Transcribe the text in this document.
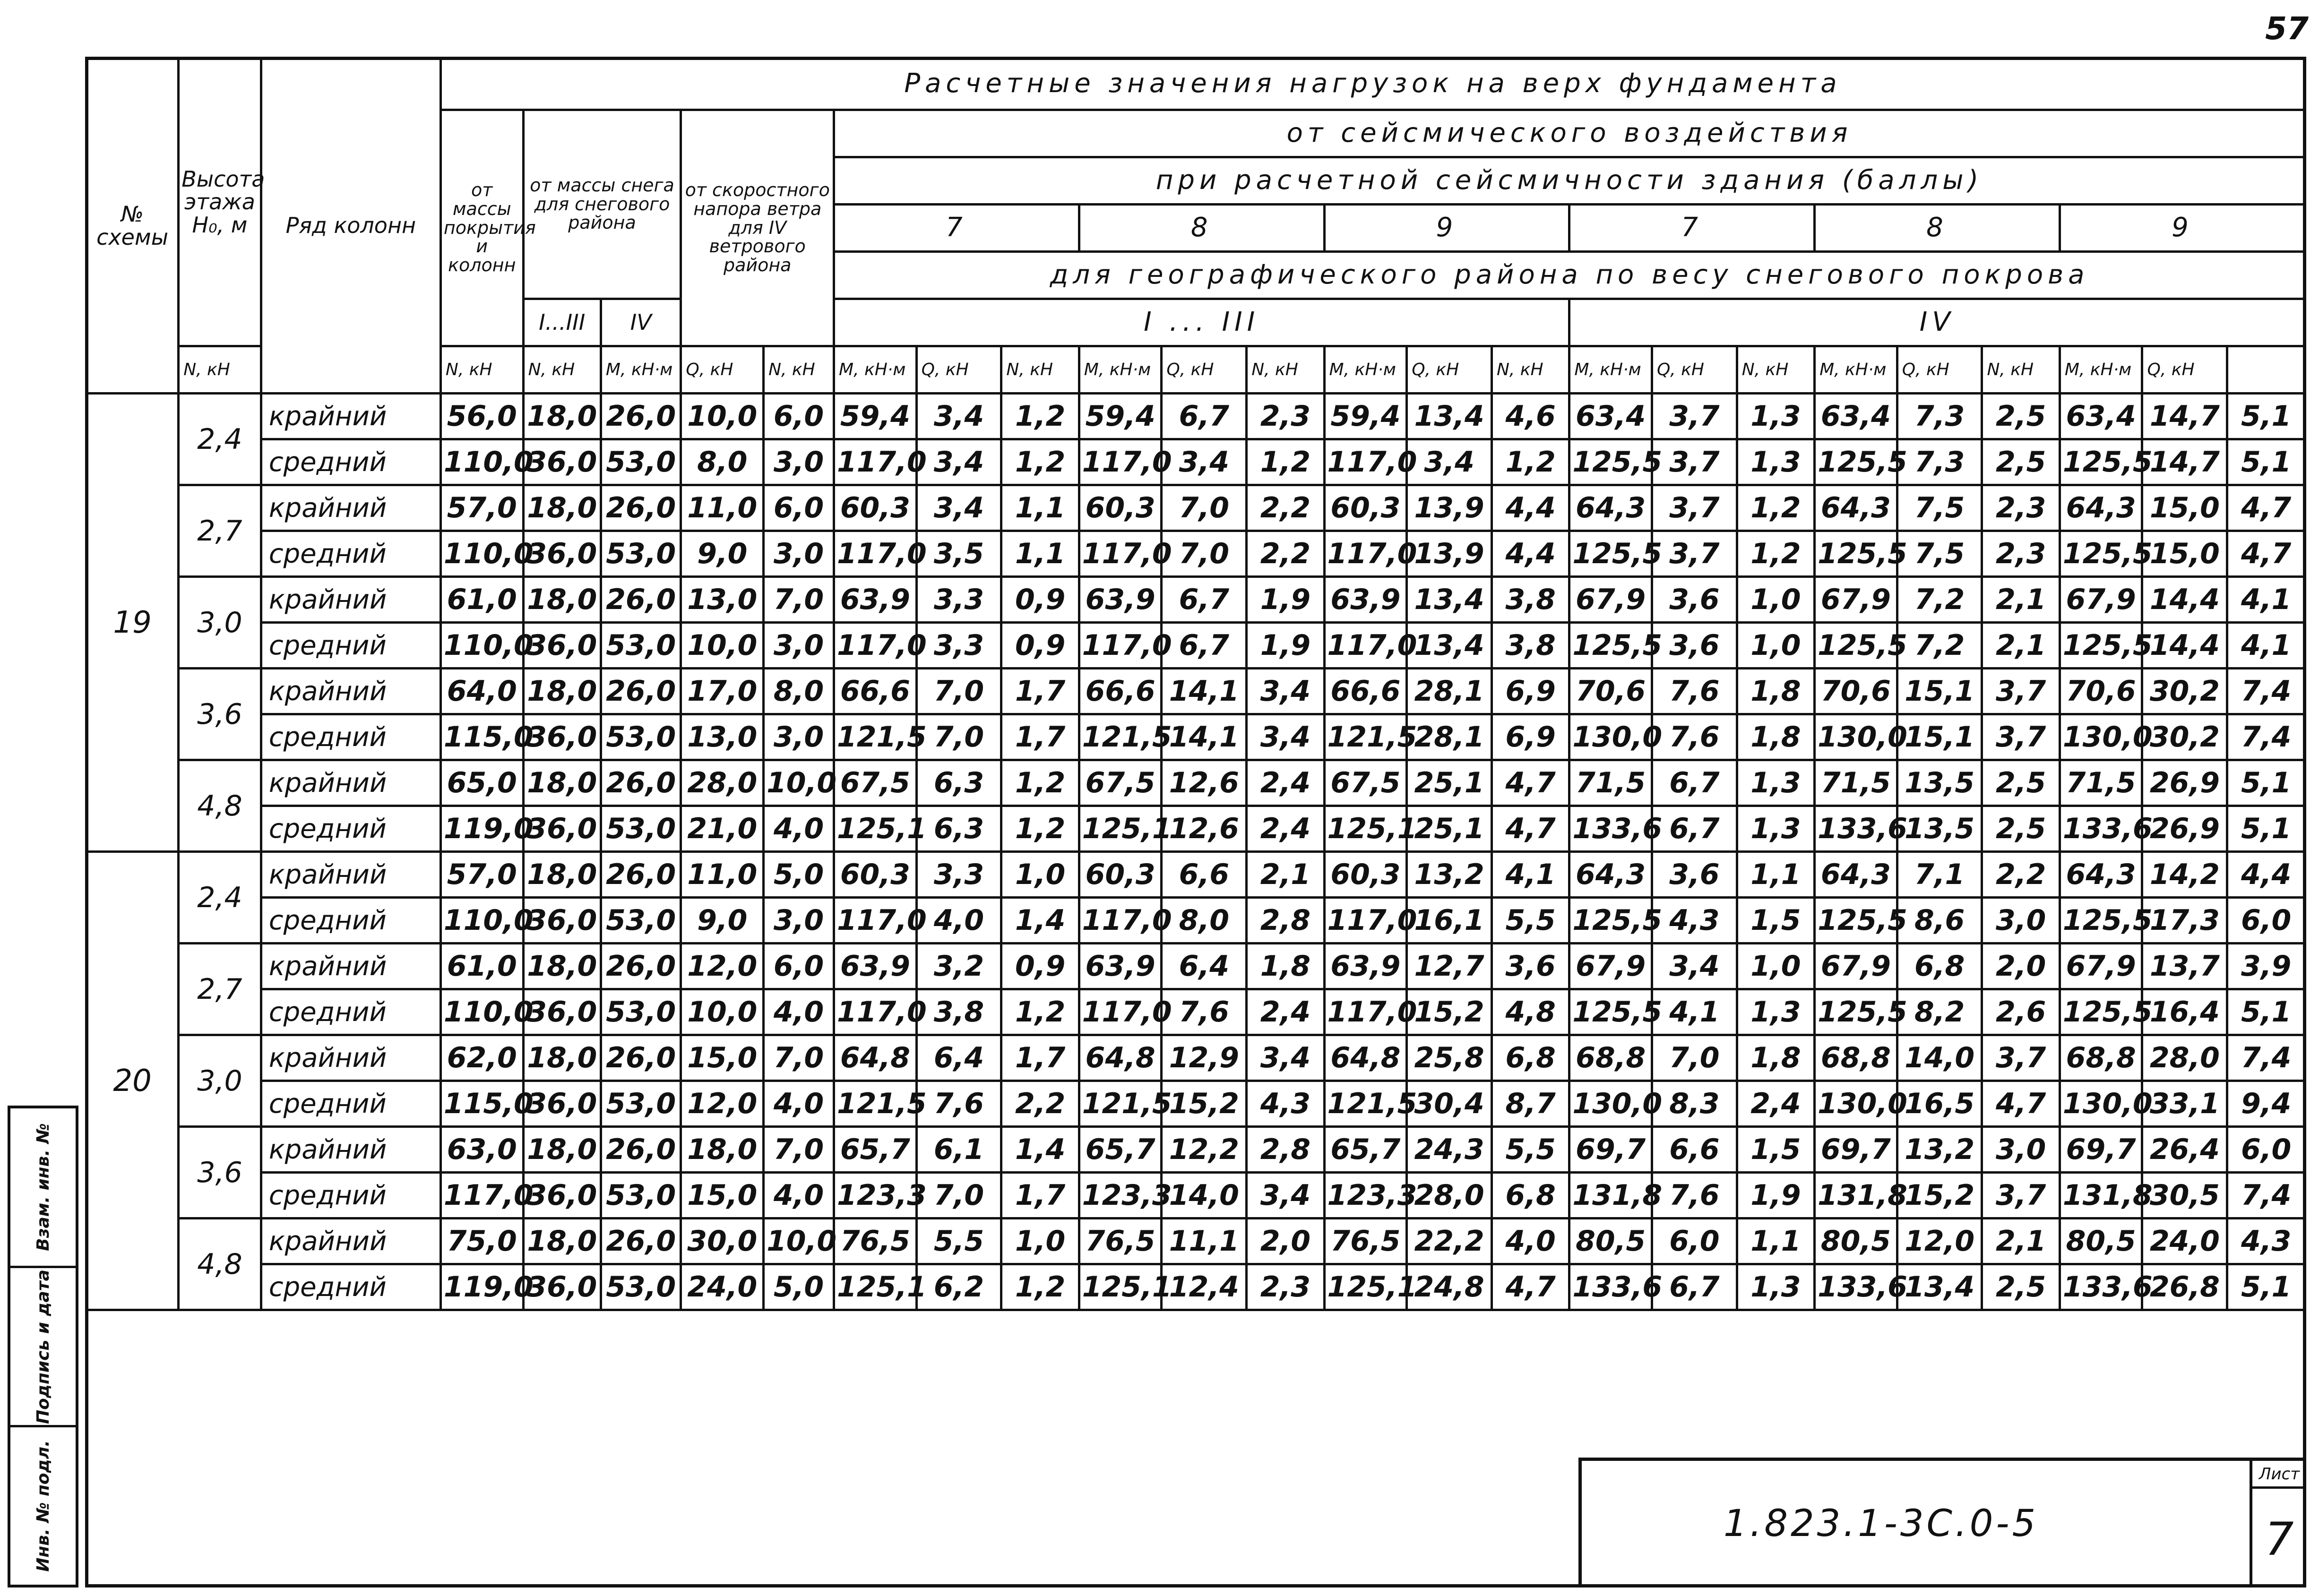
57
№ схемы	Высота этажа
H₀, м	Ряд колонн	Расчетные значения нагрузок на верх фундамента																						
			от массы покрытия и колонн	от массы снега для снегового района		от скоростного напора ветра для IV ветрового района		от сейсмического воздействия																	
								при расчетной сейсмичности здания (баллы)																	
								7			8			9			7			8			9		
								для географического района по весу снегового покрова																	
				I...III	IV			I ... III									IV								
	N, кН		N, кН	N, кН	M, кН·м	Q, кН	N, кН	M, кН·м	Q, кН	N, кН	M, кН·м	Q, кН	N, кН	M, кН·м	Q, кН	N, кН	M, кН·м	Q, кН	N, кН	M, кН·м	Q, кН	N, кН	M, кН·м	Q, кН	
19	2,4	крайний	56,0	18,0	26,0	10,0	6,0	59,4	3,4	1,2	59,4	6,7	2,3	59,4	13,4	4,6	63,4	3,7	1,3	63,4	7,3	2,5	63,4	14,7	5,1
		средний	110,0	36,0	53,0	8,0	3,0	117,0	3,4	1,2	117,0	3,4	1,2	117,0	3,4	1,2	125,5	3,7	1,3	125,5	7,3	2,5	125,5	14,7	5,1
	2,7	крайний	57,0	18,0	26,0	11,0	6,0	60,3	3,4	1,1	60,3	7,0	2,2	60,3	13,9	4,4	64,3	3,7	1,2	64,3	7,5	2,3	64,3	15,0	4,7
		средний	110,0	36,0	53,0	9,0	3,0	117,0	3,5	1,1	117,0	7,0	2,2	117,0	13,9	4,4	125,5	3,7	1,2	125,5	7,5	2,3	125,5	15,0	4,7
	3,0	крайний	61,0	18,0	26,0	13,0	7,0	63,9	3,3	0,9	63,9	6,7	1,9	63,9	13,4	3,8	67,9	3,6	1,0	67,9	7,2	2,1	67,9	14,4	4,1
		средний	110,0	36,0	53,0	10,0	3,0	117,0	3,3	0,9	117,0	6,7	1,9	117,0	13,4	3,8	125,5	3,6	1,0	125,5	7,2	2,1	125,5	14,4	4,1
	3,6	крайний	64,0	18,0	26,0	17,0	8,0	66,6	7,0	1,7	66,6	14,1	3,4	66,6	28,1	6,9	70,6	7,6	1,8	70,6	15,1	3,7	70,6	30,2	7,4
		средний	115,0	36,0	53,0	13,0	3,0	121,5	7,0	1,7	121,5	14,1	3,4	121,5	28,1	6,9	130,0	7,6	1,8	130,0	15,1	3,7	130,0	30,2	7,4
	4,8	крайний	65,0	18,0	26,0	28,0	10,0	67,5	6,3	1,2	67,5	12,6	2,4	67,5	25,1	4,7	71,5	6,7	1,3	71,5	13,5	2,5	71,5	26,9	5,1
		средний	119,0	36,0	53,0	21,0	4,0	125,1	6,3	1,2	125,1	12,6	2,4	125,1	25,1	4,7	133,6	6,7	1,3	133,6	13,5	2,5	133,6	26,9	5,1
20	2,4	крайний	57,0	18,0	26,0	11,0	5,0	60,3	3,3	1,0	60,3	6,6	2,1	60,3	13,2	4,1	64,3	3,6	1,1	64,3	7,1	2,2	64,3	14,2	4,4
		средний	110,0	36,0	53,0	9,0	3,0	117,0	4,0	1,4	117,0	8,0	2,8	117,0	16,1	5,5	125,5	4,3	1,5	125,5	8,6	3,0	125,5	17,3	6,0
	2,7	крайний	61,0	18,0	26,0	12,0	6,0	63,9	3,2	0,9	63,9	6,4	1,8	63,9	12,7	3,6	67,9	3,4	1,0	67,9	6,8	2,0	67,9	13,7	3,9
		средний	110,0	36,0	53,0	10,0	4,0	117,0	3,8	1,2	117,0	7,6	2,4	117,0	15,2	4,8	125,5	4,1	1,3	125,5	8,2	2,6	125,5	16,4	5,1
	3,0	крайний	62,0	18,0	26,0	15,0	7,0	64,8	6,4	1,7	64,8	12,9	3,4	64,8	25,8	6,8	68,8	7,0	1,8	68,8	14,0	3,7	68,8	28,0	7,4
		средний	115,0	36,0	53,0	12,0	4,0	121,5	7,6	2,2	121,5	15,2	4,3	121,5	30,4	8,7	130,0	8,3	2,4	130,0	16,5	4,7	130,0	33,1	9,4
	3,6	крайний	63,0	18,0	26,0	18,0	7,0	65,7	6,1	1,4	65,7	12,2	2,8	65,7	24,3	5,5	69,7	6,6	1,5	69,7	13,2	3,0	69,7	26,4	6,0
		средний	117,0	36,0	53,0	15,0	4,0	123,3	7,0	1,7	123,3	14,0	3,4	123,3	28,0	6,8	131,8	7,6	1,9	131,8	15,2	3,7	131,8	30,5	7,4
	4,8	крайний	75,0	18,0	26,0	30,0	10,0	76,5	5,5	1,0	76,5	11,1	2,0	76,5	22,2	4,0	80,5	6,0	1,1	80,5	12,0	2,1	80,5	24,0	4,3
		средний	119,0	36,0	53,0	24,0	5,0	125,1	6,2	1,2	125,1	12,4	2,3	125,1	24,8	4,7	133,6	6,7	1,3	133,6	13,4	2,5	133,6	26,8	5,1
Взам. инв. №
Подпись и дата
Инв. № подл.	1.823.1-3С.0-5
Лист
7
